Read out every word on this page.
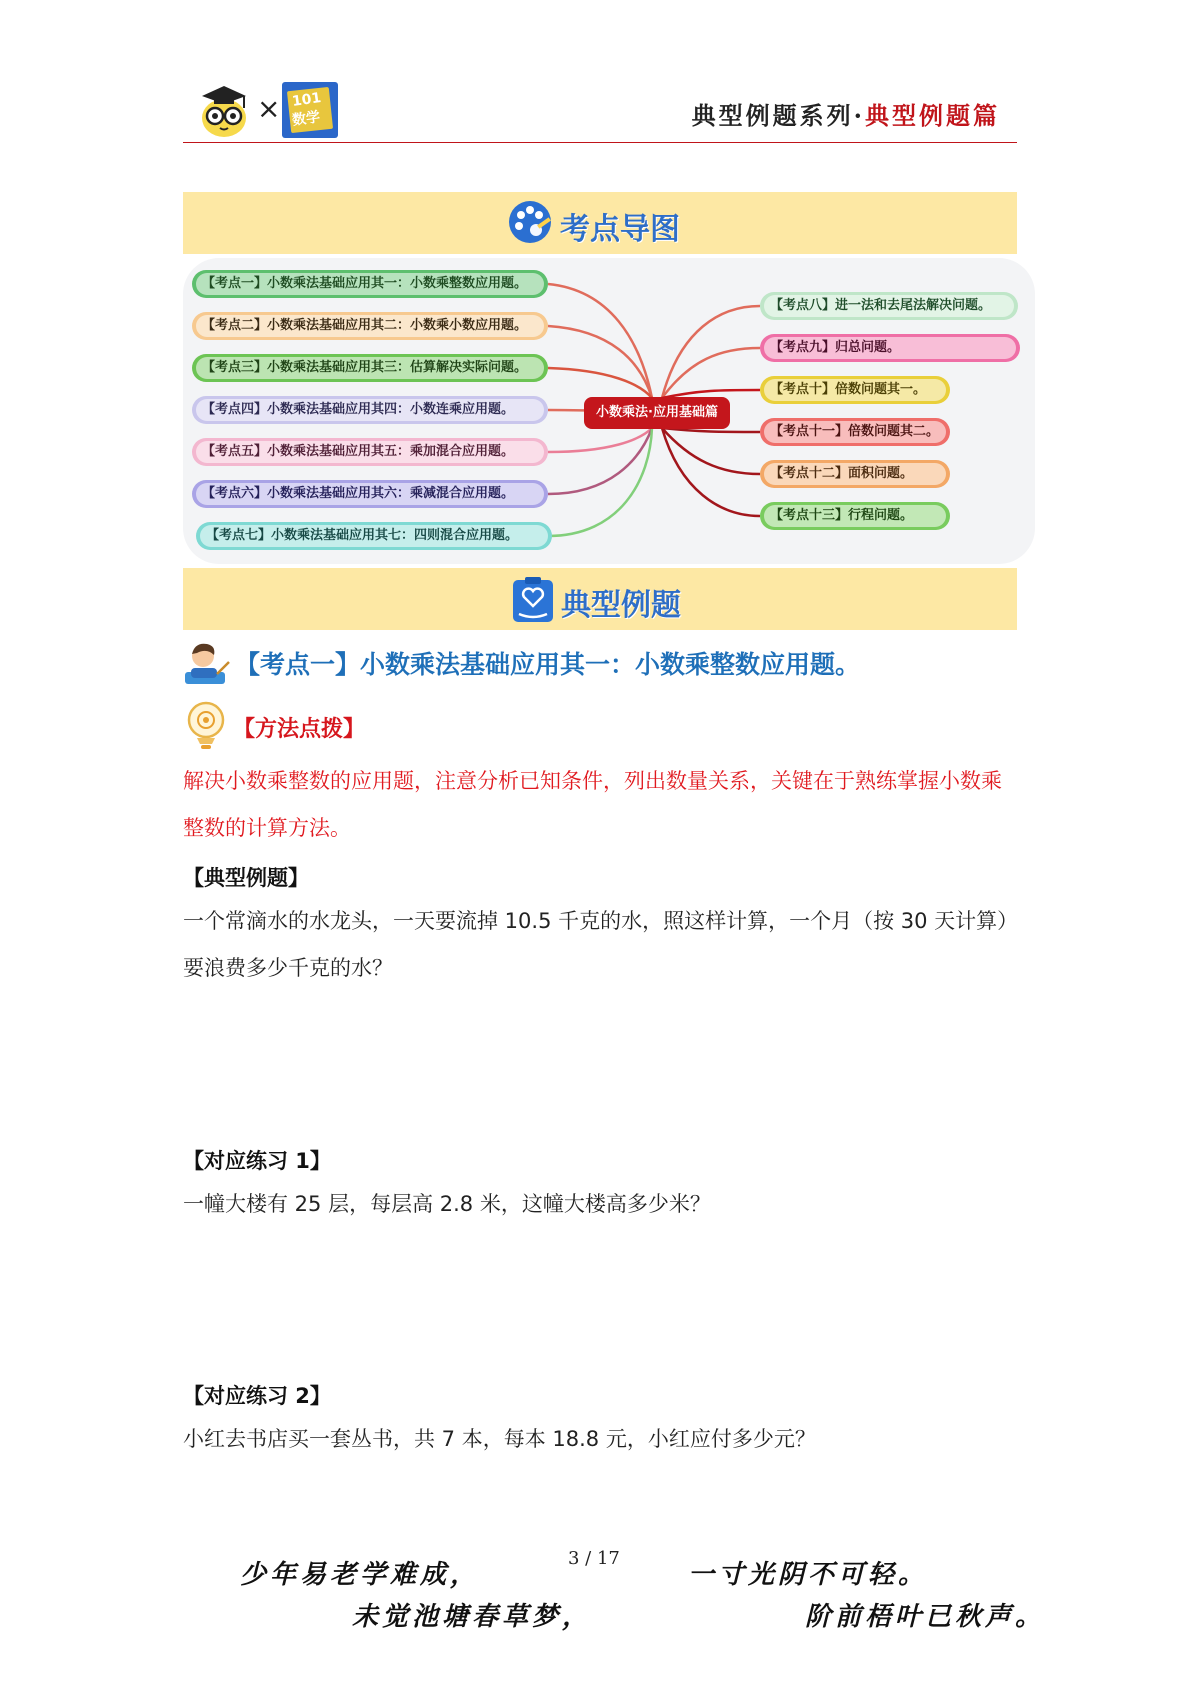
× 101
数学	典型例题系列·典型例题篇
考点导图
【考点一】小数乘法基础应用其一：小数乘整数应用题。
【考点二】小数乘法基础应用其二：小数乘小数应用题。
【考点三】小数乘法基础应用其三：估算解决实际问题。
【考点四】小数乘法基础应用其四：小数连乘应用题。
【考点五】小数乘法基础应用其五：乘加混合应用题。
【考点六】小数乘法基础应用其六：乘减混合应用题。
【考点七】小数乘法基础应用其七：四则混合应用题。
小数乘法·应用基础篇
【考点八】进一法和去尾法解决问题。
【考点九】归总问题。
【考点十】倍数问题其一。
【考点十一】倍数问题其二。
【考点十二】面积问题。
【考点十三】行程问题。
典型例题
【考点一】小数乘法基础应用其一：小数乘整数应用题。
【方法点拨】
解决小数乘整数的应用题，注意分析已知条件，列出数量关系，关键在于熟练掌握小数乘整数的计算方法。
【典型例题】
一个常滴水的水龙头，一天要流掉 10.5 千克的水，照这样计算，一个月（按 30 天计算）要浪费多少千克的水？
【对应练习 1】
一幢大楼有 25 层，每层高 2.8 米，这幢大楼高多少米？
【对应练习 2】
小红去书店买一套丛书，共 7 本，每本 18.8 元，小红应付多少元？
少年易老学难成，
3 / 17
一寸光阴不可轻。
未觉池塘春草梦，	阶前梧叶已秋声。
